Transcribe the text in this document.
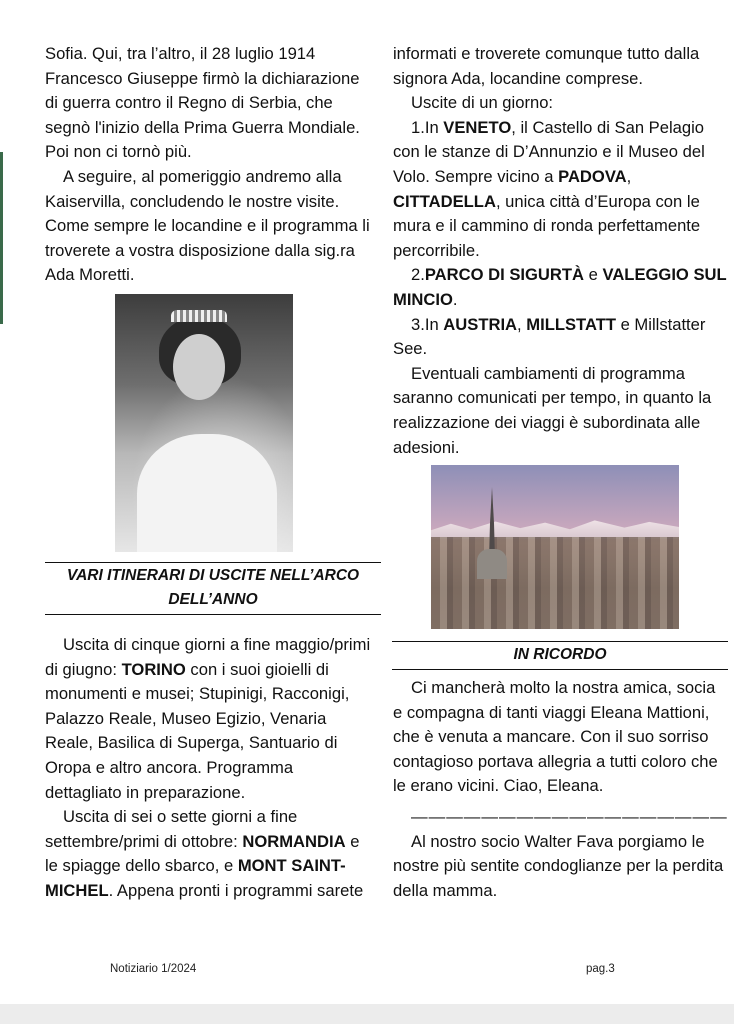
Sofia. Qui, tra l’altro, il 28 luglio 1914 Francesco Giuseppe firmò la dichiarazione di guerra contro il Regno di Serbia, che segnò l'inizio della Prima Guerra Mondiale. Poi non ci tornò più.

A seguire, al pomeriggio andremo alla Kaiservilla, concludendo le nostre visite. Come sempre le locandine e il programma li troverete a vostra disposizione dalla sig.ra Ada Moretti.

VARI ITINERARI DI USCITE NELL’ARCO DELL’ANNO

Uscita di cinque giorni a fine maggio/primi di giugno: TORINO con i suoi gioielli di monumenti e musei; Stupinigi, Racconigi, Palazzo Reale, Museo Egizio, Venaria Reale, Basilica di Superga, Santuario di Oropa e altro ancora. Programma dettagliato in preparazione.

Uscita di sei o sette giorni a fine settembre/primi di ottobre: NORMANDIA e le spiagge dello sbarco, e MONT SAINT-MICHEL. Appena pronti i programmi sarete

informati e troverete comunque tutto dalla signora Ada, locandine comprese.

Uscite di un giorno:

1.In VENETO, il Castello di San Pelagio con le stanze di D’Annunzio e il Museo del Volo. Sempre vicino a PADOVA, CITTADELLA, unica città d’Europa con le mura e il cammino di ronda perfettamente percorribile.

2.PARCO DI SIGURTÀ e VALEGGIO SUL MINCIO.

3.In AUSTRIA, MILLSTATT e Millstatter See.

Eventuali cambiamenti di programma saranno comunicati per tempo, in quanto la realizzazione dei viaggi è subordinata alle adesioni.

IN RICORDO

Ci mancherà molto la nostra amica, socia e compagna di tanti viaggi Eleana Mattioni, che è venuta a mancare. Con il suo sorriso contagioso portava allegria a tutti coloro che le erano vicini. Ciao, Eleana.

——————————————————

Al nostro socio Walter Fava porgiamo le nostre più sentite condoglianze per la perdita della mamma.

Notiziario 1/2024	pag.3
